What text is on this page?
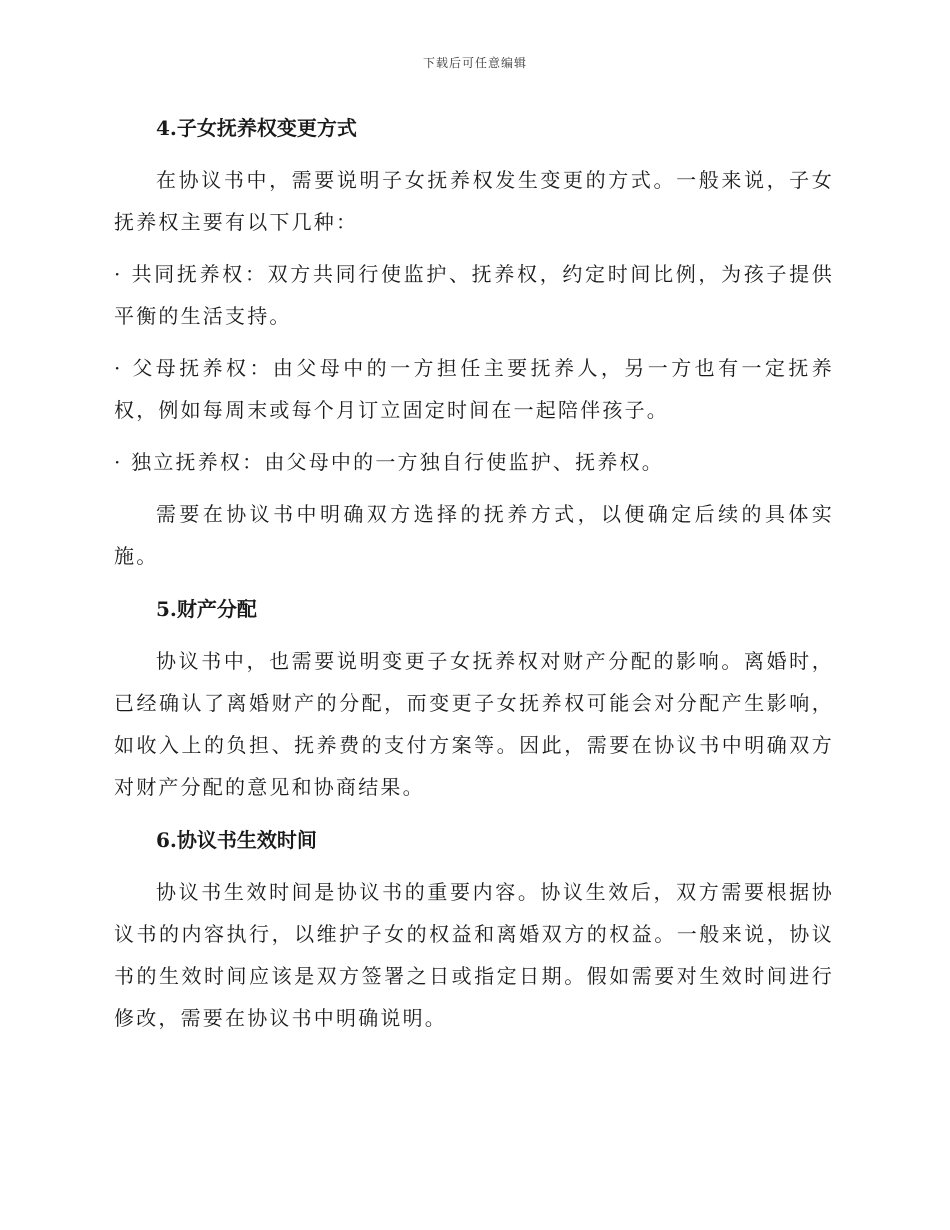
下载后可任意编辑
4.子女抚养权变更方式

在协议书中，需要说明子女抚养权发生变更的方式。一般来说，子女抚养权主要有以下几种：

· 共同抚养权：双方共同行使监护、抚养权，约定时间比例，为孩子提供平衡的生活支持。

· 父母抚养权：由父母中的一方担任主要抚养人，另一方也有一定抚养权，例如每周末或每个月订立固定时间在一起陪伴孩子。

· 独立抚养权：由父母中的一方独自行使监护、抚养权。

需要在协议书中明确双方选择的抚养方式，以便确定后续的具体实施。

5.财产分配

协议书中，也需要说明变更子女抚养权对财产分配的影响。离婚时，已经确认了离婚财产的分配，而变更子女抚养权可能会对分配产生影响，如收入上的负担、抚养费的支付方案等。因此，需要在协议书中明确双方对财产分配的意见和协商结果。

6.协议书生效时间

协议书生效时间是协议书的重要内容。协议生效后，双方需要根据协议书的内容执行，以维护子女的权益和离婚双方的权益。一般来说，协议书的生效时间应该是双方签署之日或指定日期。假如需要对生效时间进行修改，需要在协议书中明确说明。
